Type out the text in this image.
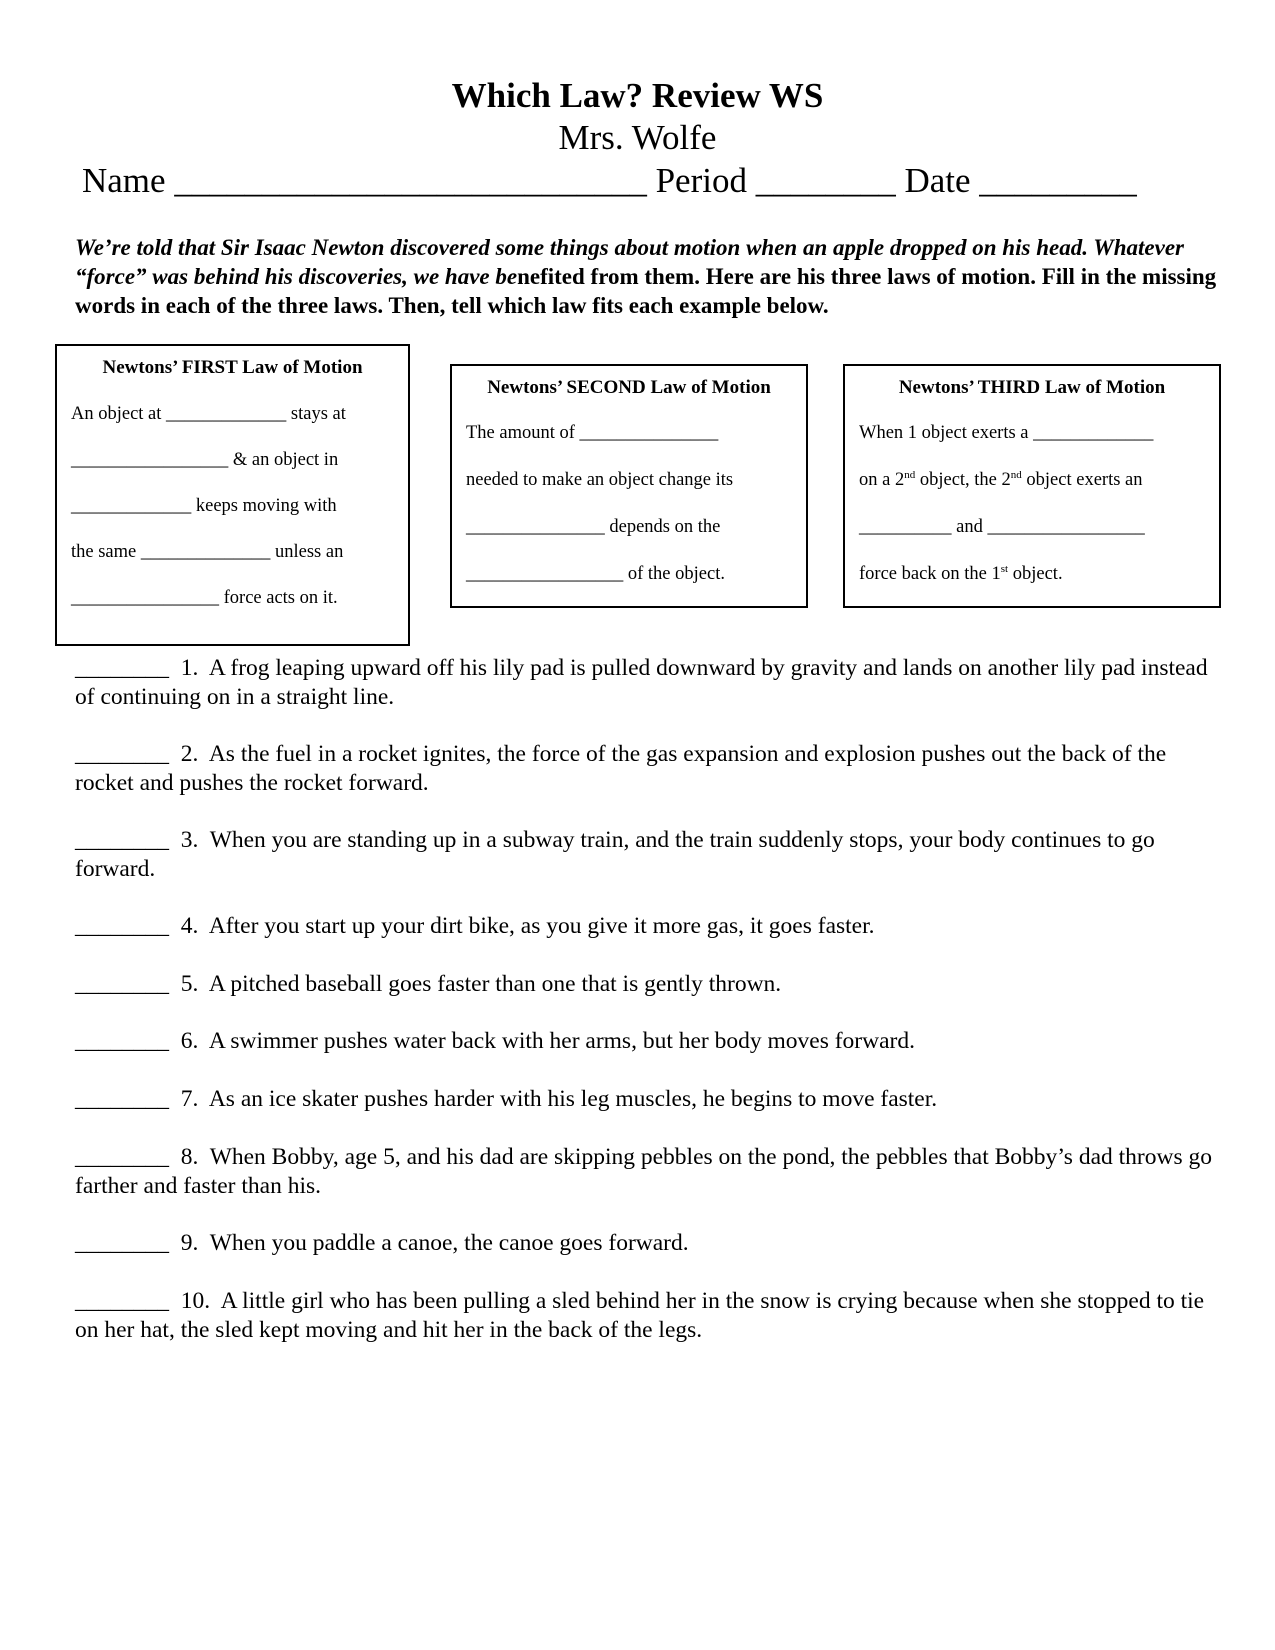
Which Law? Review WS
Mrs. Wolfe
Name ___________________________ Period ________ Date _________
We’re told that Sir Isaac Newton discovered some things about motion when an apple dropped on his head. Whatever “force” was behind his discoveries, we have benefited from them. Here are his three laws of motion. Fill in the missing words in each of the three laws. Then, tell which law fits each example below.
Newtons’ FIRST Law of Motion
An object at _____________ stays at
_________________ & an object in
_____________ keeps moving with
the same ______________ unless an
________________ force acts on it.
Newtons’ SECOND Law of Motion
The amount of _______________
needed to make an object change its
_______________ depends on the
_________________ of the object.
Newtons’ THIRD Law of Motion
When 1 object exerts a _____________
on a 2nd object, the 2nd object exerts an
__________ and _________________
force back on the 1st object.
________  1.  A frog leaping upward off his lily pad is pulled downward by gravity and lands on another lily pad instead of continuing on in a straight line.
________  2.  As the fuel in a rocket ignites, the force of the gas expansion and explosion pushes out the back of the rocket and pushes the rocket forward.
________  3.  When you are standing up in a subway train, and the train suddenly stops, your body continues to go forward.
________  4.  After you start up your dirt bike, as you give it more gas, it goes faster.
________  5.  A pitched baseball goes faster than one that is gently thrown.
________  6.  A swimmer pushes water back with her arms, but her body moves forward.
________  7.  As an ice skater pushes harder with his leg muscles, he begins to move faster.
________  8.  When Bobby, age 5, and his dad are skipping pebbles on the pond, the pebbles that Bobby’s dad throws go farther and faster than his.
________  9.  When you paddle a canoe, the canoe goes forward.
________  10.  A little girl who has been pulling a sled behind her in the snow is crying because when she stopped to tie on her hat, the sled kept moving and hit her in the back of the legs.
